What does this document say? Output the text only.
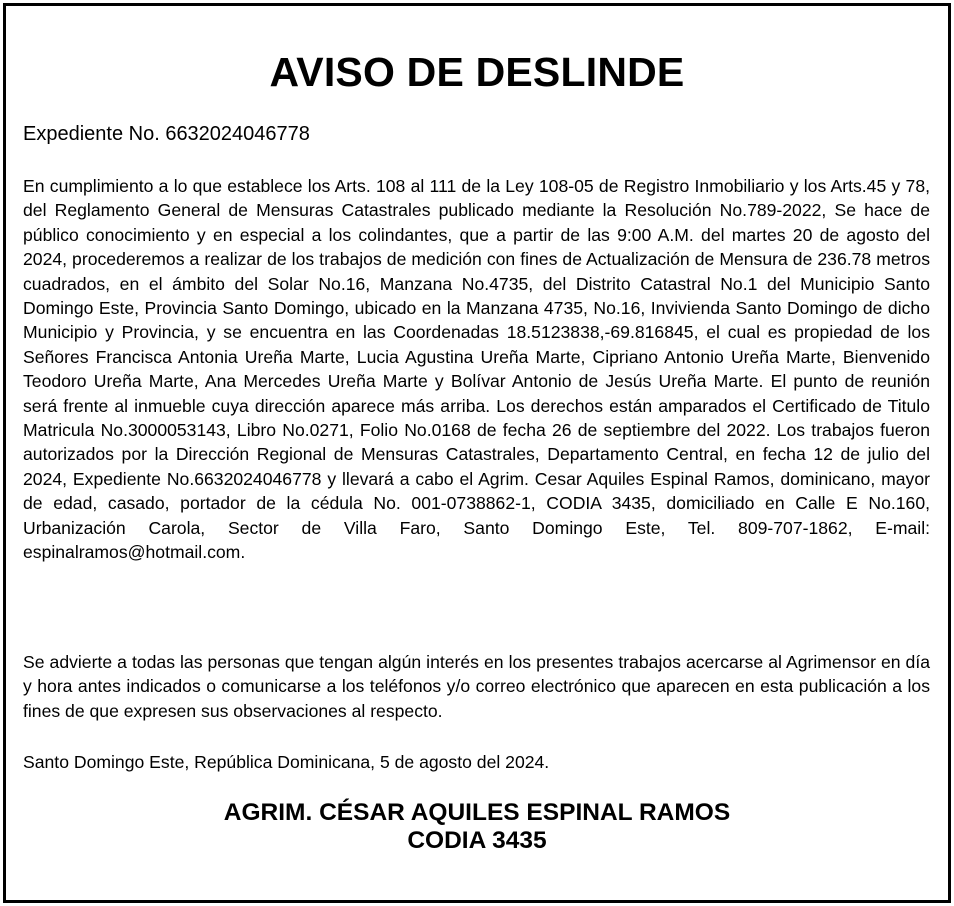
AVISO DE DESLINDE
Expediente No. 6632024046778

En cumplimiento a lo que establece los Arts. 108 al 111 de la Ley 108-05 de Registro Inmobiliario y los Arts.45 y 78, del Reglamento General de Mensuras Catastrales publicado mediante la Resolución No.789-2022, Se hace de público conocimiento y en especial a los colindantes, que a partir de las 9:00 A.M. del martes 20 de agosto del 2024, procederemos a realizar de los trabajos de medición con fines de Actualización de Mensura de 236.78 metros cuadrados, en el ámbito del Solar No.16, Manzana No.4735, del Distrito Catastral No.1 del Municipio Santo Domingo Este, Provincia Santo Domingo, ubicado en la Manzana 4735, No.16, Invivienda Santo Domingo de dicho Municipio y Provincia, y se encuentra en las Coordenadas 18.5123838,-69.816845, el cual es propiedad de los Señores Francisca Antonia Ureña Marte, Lucia Agustina Ureña Marte, Cipriano Antonio Ureña Marte, Bienvenido Teodoro Ureña Marte, Ana Mercedes Ureña Marte y Bolívar Antonio de Jesús Ureña Marte. El punto de reunión será frente al inmueble cuya dirección aparece más arriba. Los derechos están amparados el Certificado de Titulo Matricula No.3000053143, Libro No.0271, Folio No.0168 de fecha 26 de septiembre del 2022. Los trabajos fueron autorizados por la Dirección Regional de Mensuras Catastrales, Departamento Central, en fecha 12 de julio del 2024, Expediente No.6632024046778 y llevará a cabo el Agrim. Cesar Aquiles Espinal Ramos, dominicano, mayor de edad, casado, portador de la cédula No. 001-0738862-1, CODIA 3435, domiciliado en Calle E No.160, Urbanización Carola, Sector de Villa Faro, Santo Domingo Este, Tel. 809-707-1862, E-mail: espinalramos@hotmail.com.

Se advierte a todas las personas que tengan algún interés en los presentes trabajos acercarse al Agrimensor en día y hora antes indicados o comunicarse a los teléfonos y/o correo electrónico que aparecen en esta publicación a los fines de que expresen sus observaciones al respecto.

Santo Domingo Este, República Dominicana, 5 de agosto del 2024.
AGRIM. CÉSAR AQUILES ESPINAL RAMOS
CODIA 3435
